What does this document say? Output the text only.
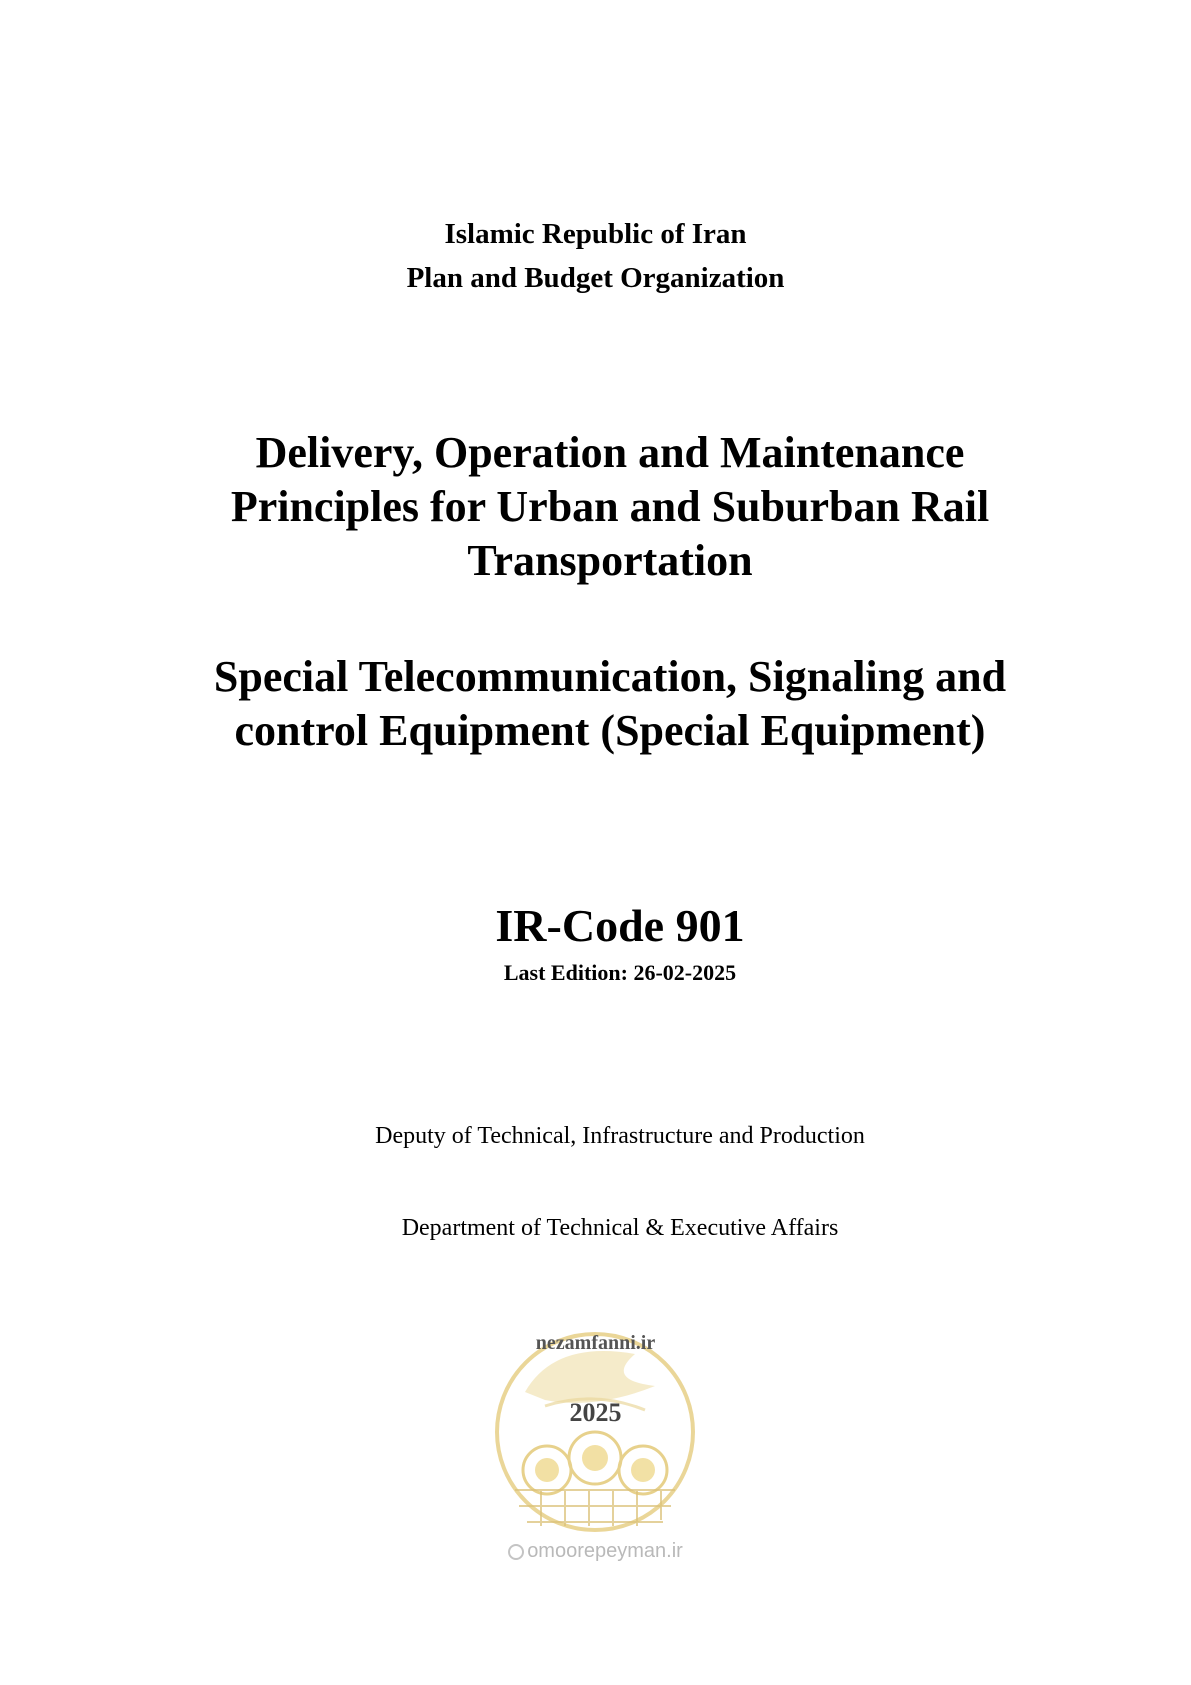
Islamic Republic of Iran
Plan and Budget Organization
Delivery, Operation and Maintenance
Principles for Urban and Suburban Rail
Transportation
Special Telecommunication, Signaling and
control Equipment (Special Equipment)
IR-Code 901
Last Edition: 26-02-2025
Deputy of Technical, Infrastructure and Production
Department of Technical & Executive Affairs
nezamfanni.ir
2025
omoorepeyman.ir
